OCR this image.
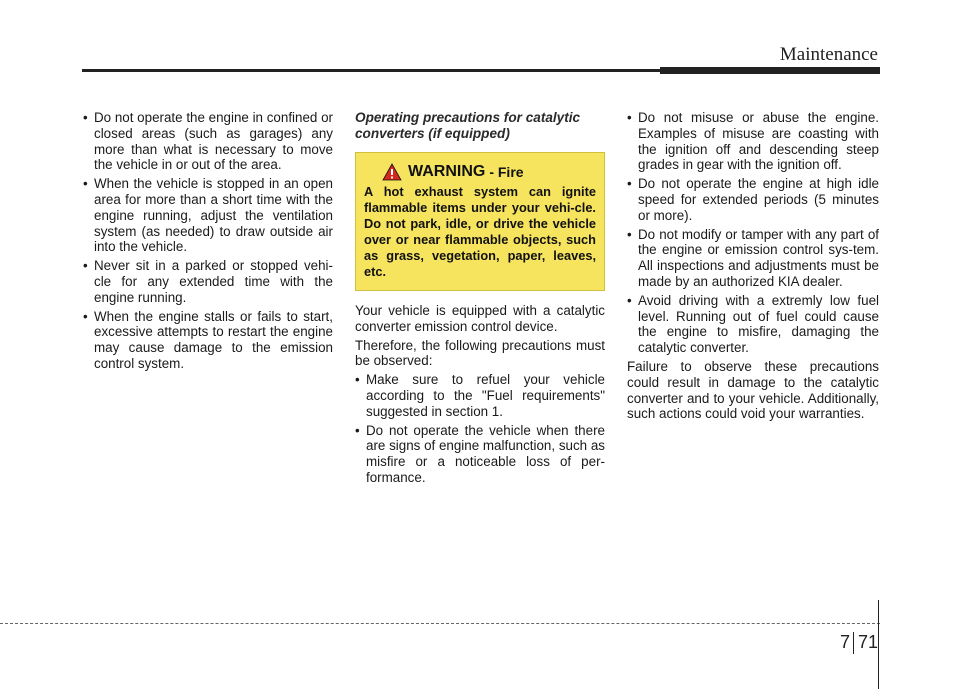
Maintenance
• Do not operate the engine in confined or closed areas (such as garages) any more than what is necessary to move the vehicle in or out of the area.
• When the vehicle is stopped in an open area for more than a short time with the engine running, adjust the ventilation system (as needed) to draw outside air into the vehicle.
• Never sit in a parked or stopped vehi-cle for any extended time with the engine running.
• When the engine stalls or fails to start, excessive attempts to restart the engine may cause damage to the emission control system.
Operating precautions for catalytic converters (if equipped)
WARNING - Fire
A hot exhaust system can ignite flammable items under your vehi-cle. Do not park, idle, or drive the vehicle over or near flammable objects, such as grass, vegetation, paper, leaves, etc.

Your vehicle is equipped with a catalytic converter emission control device.

Therefore, the following precautions must be observed:

• Make sure to refuel your vehicle according to the "Fuel requirements" suggested in section 1.
• Do not operate the vehicle when there are signs of engine malfunction, such as misfire or a noticeable loss of per-formance.
• Do not misuse or abuse the engine. Examples of misuse are coasting with the ignition off and descending steep grades in gear with the ignition off.
• Do not operate the engine at high idle speed for extended periods (5 minutes or more).
• Do not modify or tamper with any part of the engine or emission control sys-tem. All inspections and adjustments must be made by an authorized KIA dealer.
• Avoid driving with a extremly low fuel level. Running out of fuel could cause the engine to misfire, damaging the catalytic converter.

Failure to observe these precautions could result in damage to the catalytic converter and to your vehicle. Additionally, such actions could void your warranties.

7 71
